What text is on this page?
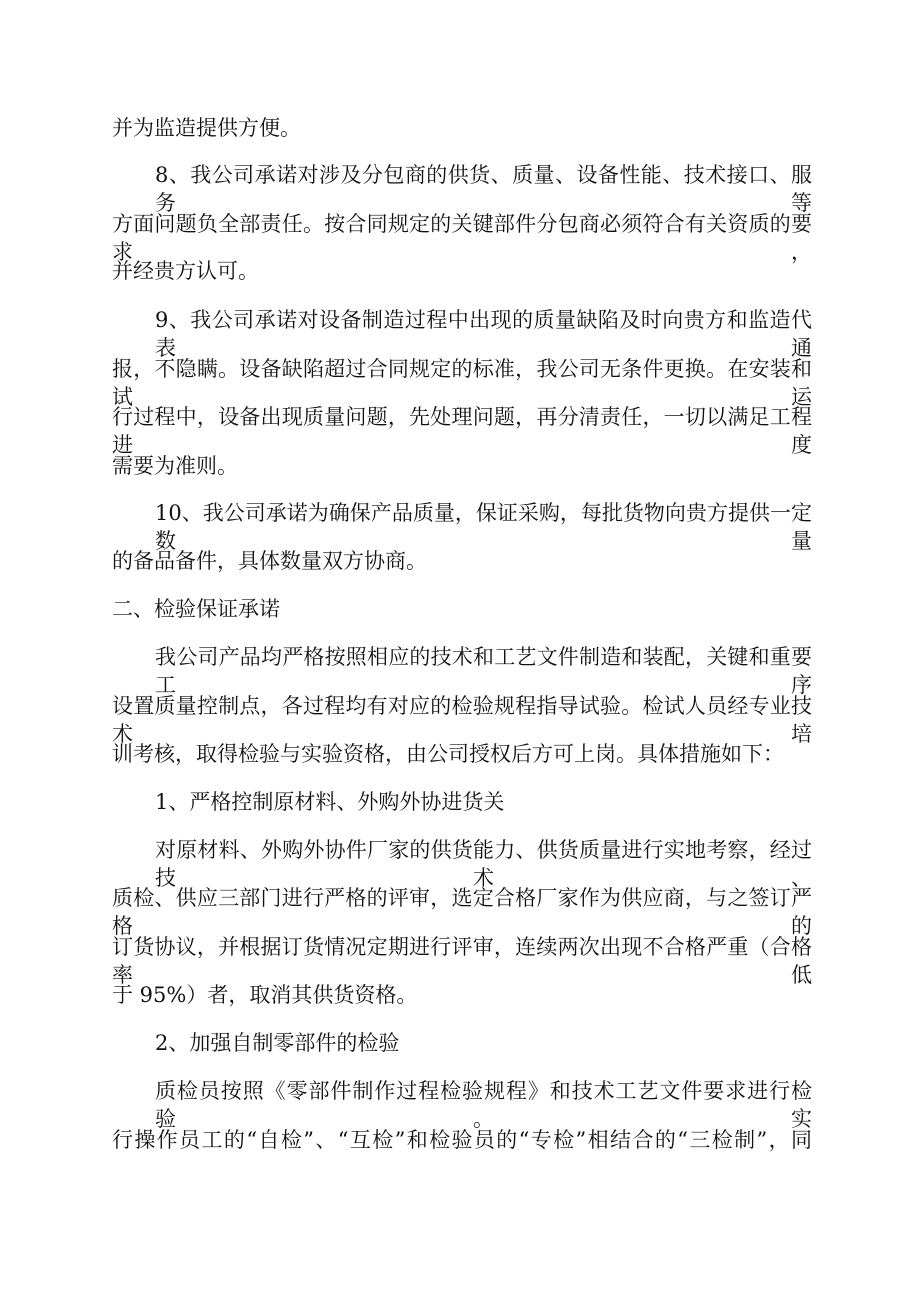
并为监造提供方便。
8、我公司承诺对涉及分包商的供货、质量、设备性能、技术接口、服务等
方面问题负全部责任。按合同规定的关键部件分包商必须符合有关资质的要求，
并经贵方认可。
9、我公司承诺对设备制造过程中出现的质量缺陷及时向贵方和监造代表通
报，不隐瞒。设备缺陷超过合同规定的标准，我公司无条件更换。在安装和试运
行过程中，设备出现质量问题，先处理问题，再分清责任，一切以满足工程进度
需要为准则。
10、我公司承诺为确保产品质量，保证采购，每批货物向贵方提供一定数量
的备品备件，具体数量双方协商。
二、检验保证承诺
我公司产品均严格按照相应的技术和工艺文件制造和装配，关键和重要工序
设置质量控制点，各过程均有对应的检验规程指导试验。检试人员经专业技术培
训考核，取得检验与实验资格，由公司授权后方可上岗。具体措施如下：
1、严格控制原材料、外购外协进货关
对原材料、外购外协件厂家的供货能力、供货质量进行实地考察，经过技术、
质检、供应三部门进行严格的评审，选定合格厂家作为供应商，与之签订严格的
订货协议，并根据订货情况定期进行评审，连续两次出现不合格严重（合格率低
于 95%）者，取消其供货资格。
2、加强自制零部件的检验
质检员按照《零部件制作过程检验规程》和技术工艺文件要求进行检验。实
行操作员工的“自检”、“互检”和检验员的“专检”相结合的“三检制”，同
